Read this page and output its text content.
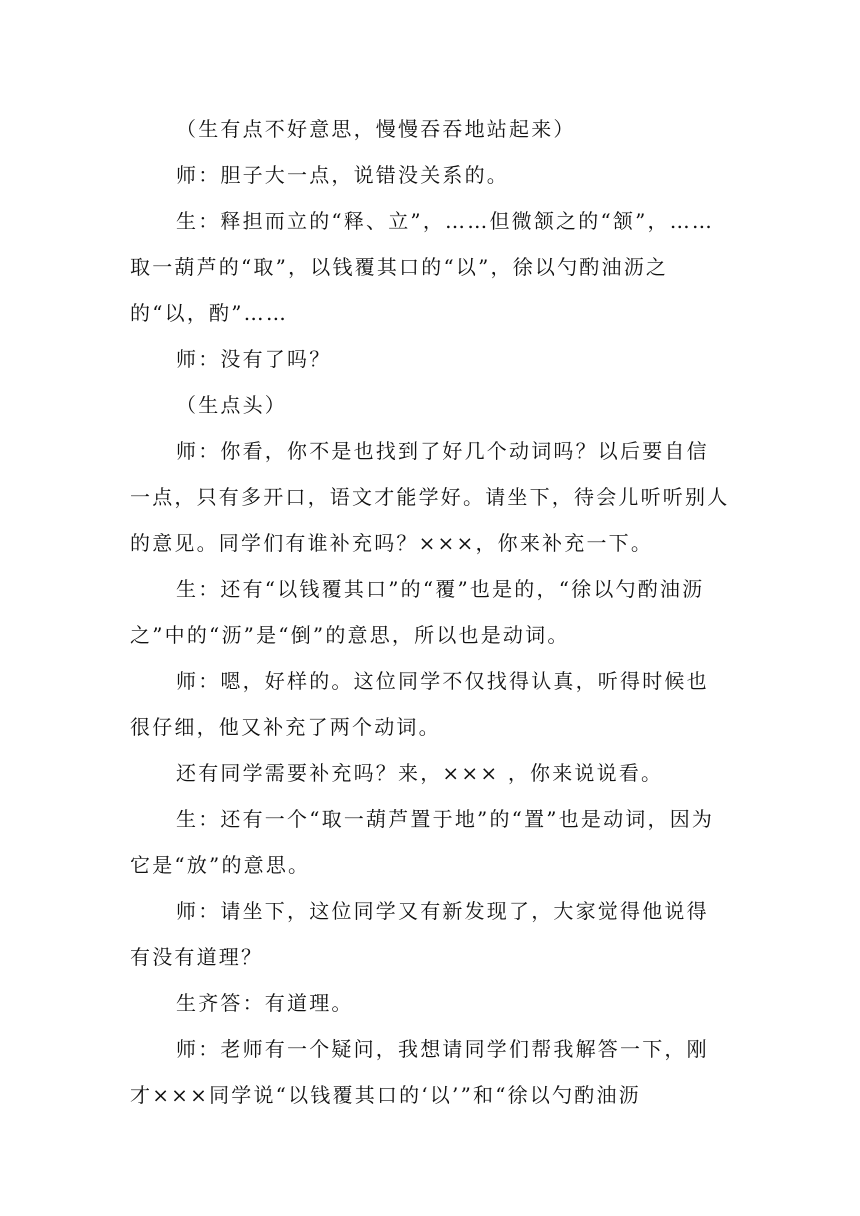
（生有点不好意思，慢慢吞吞地站起来）

师：胆子大一点，说错没关系的。

生：释担而立的“释、立”，……但微颔之的“颔”，……取一葫芦的“取”，以钱覆其口的“以”，徐以勺酌油沥之的“以，酌”……

师：没有了吗？

（生点头）

师：你看，你不是也找到了好几个动词吗？以后要自信一点，只有多开口，语文才能学好。请坐下，待会儿听听别人的意见。同学们有谁补充吗？×××，你来补充一下。

生：还有“以钱覆其口”的“覆”也是的，“徐以勺酌油沥之”中的“沥”是“倒”的意思，所以也是动词。

师：嗯，好样的。这位同学不仅找得认真，听得时候也很仔细，他又补充了两个动词。

还有同学需要补充吗？来，××× ，你来说说看。

生：还有一个“取一葫芦置于地”的“置”也是动词，因为它是“放”的意思。

师：请坐下，这位同学又有新发现了，大家觉得他说得有没有道理？

生齐答：有道理。

师：老师有一个疑问，我想请同学们帮我解答一下，刚才×××同学说“以钱覆其口的‘以’”和“徐以勺酌油沥
